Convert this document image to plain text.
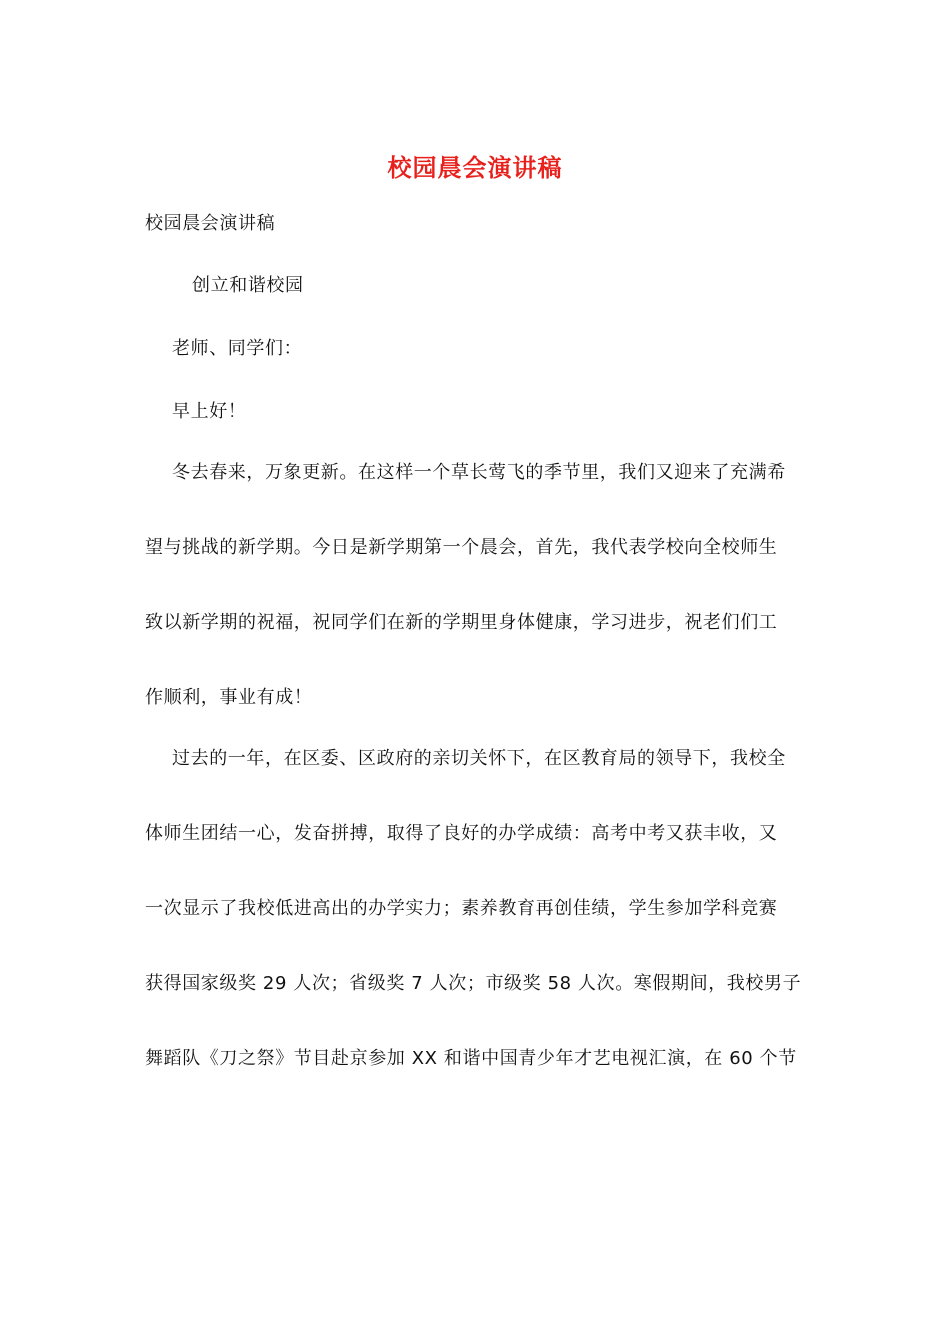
校园晨会演讲稿
校园晨会演讲稿
创立和谐校园
老师、同学们：
早上好！
冬去春来，万象更新。在这样一个草长莺飞的季节里，我们又迎来了充满希
望与挑战的新学期。今日是新学期第一个晨会，首先，我代表学校向全校师生
致以新学期的祝福，祝同学们在新的学期里身体健康，学习进步，祝老们们工
作顺利，事业有成！
过去的一年，在区委、区政府的亲切关怀下，在区教育局的领导下，我校全
体师生团结一心，发奋拼搏，取得了良好的办学成绩：高考中考又获丰收，又
一次显示了我校低进高出的办学实力；素养教育再创佳绩，学生参加学科竞赛
获得国家级奖 29 人次；省级奖 7 人次；市级奖 58 人次。寒假期间，我校男子
舞蹈队《刀之祭》节目赴京参加 XX 和谐中国青少年才艺电视汇演，在 60 个节
